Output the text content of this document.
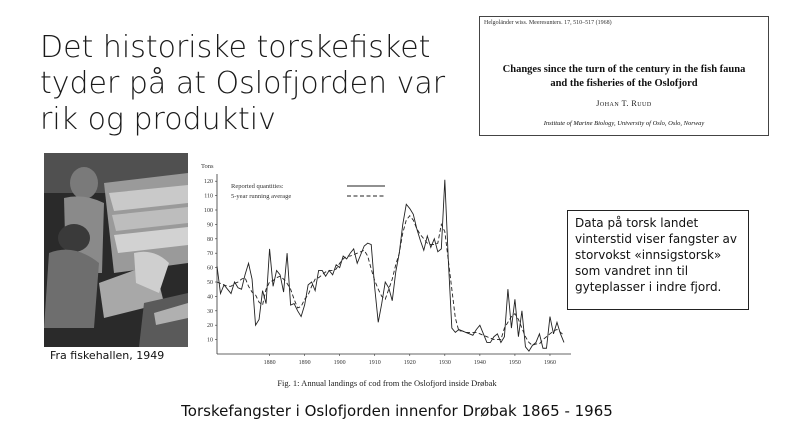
Det historiske torskefisket tyder på at Oslofjorden var rik og produktiv
Helgoländer wiss. Meeresunters. 17, 510–517 (1968)
Changes since the turn of the century in the fish fauna
and the fisheries of the Oslofjord
Johan T. Ruud
Institute of Marine Biology, University of Oslo, Oslo, Norway
Fra fiskehallen, 1949
Tons
10
20
30
40
50
60
70
80
90
100
110
120
1880	1890	1900	1910	1920	1930	1940	1950	1960
Reported quantities:
5-year running average
Fig. 1: Annual landings of cod from the Oslofjord inside Drøbak
Data på torsk landet vinterstid viser fangster av storvokst «innsigstorsk» som vandret inn til gyteplasser i indre fjord.
Torskefangster i Oslofjorden innenfor Drøbak 1865 - 1965
